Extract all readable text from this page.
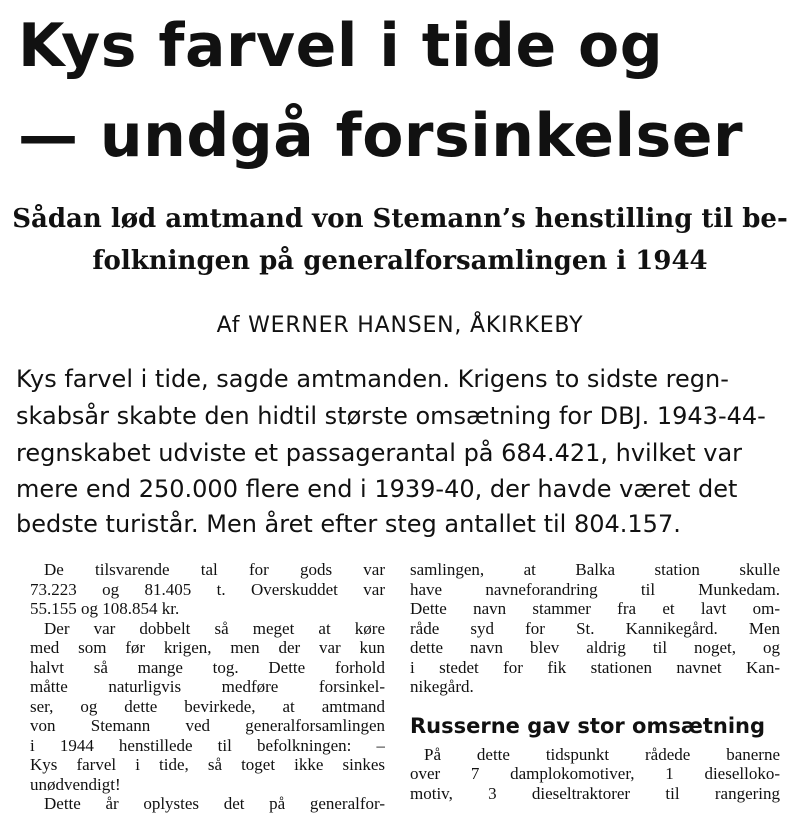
Kys farvel i tide og
— undgå forsinkelser
Sådan lød amtmand von Stemann’s henstilling til be-
folkningen på generalforsamlingen i 1944

Af WERNER HANSEN, ÅKIRKEBY

Kys farvel i tide, sagde amtmanden. Krigens to sidste regn-

skabsår skabte den hidtil største omsætning for DBJ. 1943-44-

regnskabet udviste et passagerantal på 684.421, hvilket var

mere end 250.000 flere end i 1939-40, der havde været det

bedste turistår. Men året efter steg antallet til 804.157.

De tilsvarende tal for gods var
73.223 og 81.405 t. Overskuddet var
55.155 og 108.854 kr.
Der var dobbelt så meget at køre
med som før krigen, men der var kun
halvt så mange tog. Dette forhold
måtte naturligvis medføre forsinkel-
ser, og dette bevirkede, at amtmand
von Stemann ved generalforsamlingen
i 1944 henstillede til befolkningen: –
Kys farvel i tide, så toget ikke sinkes
unødvendigt!
Dette år oplystes det på generalfor-
samlingen, at Balka station skulle
have navneforandring til Munkedam.
Dette navn stammer fra et lavt om-
råde syd for St. Kannikegård. Men
dette navn blev aldrig til noget, og
i stedet for fik stationen navnet Kan-
nikegård.
Russerne gav stor omsætning
På dette tidspunkt rådede banerne
over 7 damplokomotiver, 1 diesellоko-
motiv, 3 dieseltraktorer til rangering
